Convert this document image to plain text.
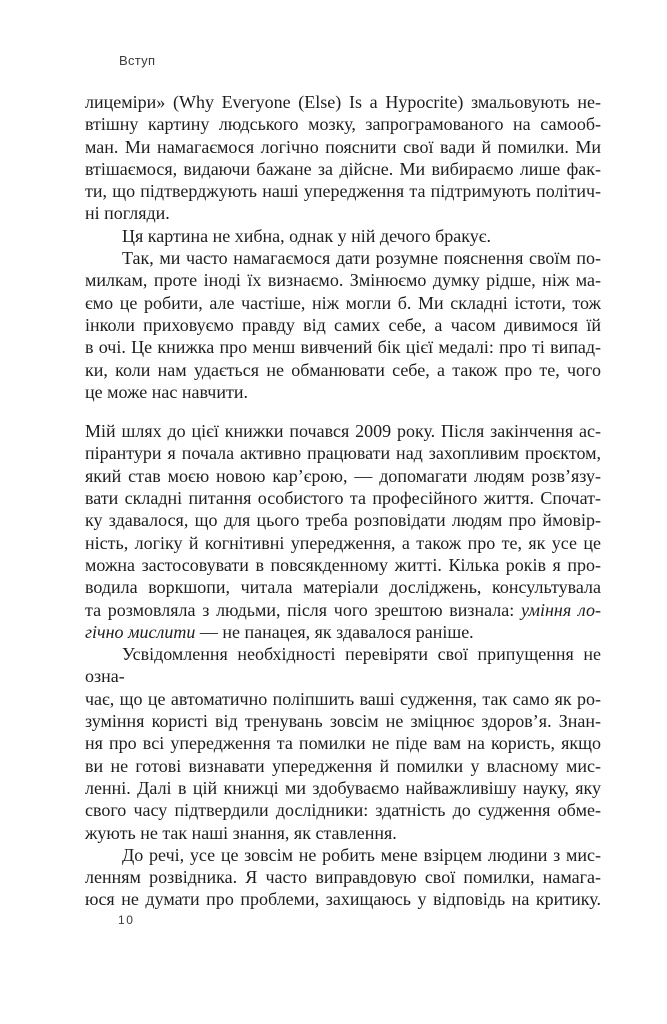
Вступ
лицеміри» (Why Everyone (Else) Is a Hypocrite) змальовують не-
втішну картину людського мозку, запрограмованого на самооб-
ман. Ми намагаємося логічно пояснити свої вади й помилки. Ми
втішаємося, видаючи бажане за дійсне. Ми вибираємо лише фак-
ти, що підтверджують наші упередження та підтримують політич-
ні погляди.
Ця картина не хибна, однак у ній дечого бракує.
Так, ми часто намагаємося дати розумне пояснення своїм по-
милкам, проте іноді їх визнаємо. Змінюємо думку рідше, ніж ма-
ємо це робити, але частіше, ніж могли б. Ми складні істоти, тож
інколи приховуємо правду від самих себе, а часом дивимося їй
в очі. Це книжка про менш вивчений бік цієї медалі: про ті випад-
ки, коли нам удається не обманювати себе, а також про те, чого
це може нас навчити.
Мій шлях до цієї книжки почався 2009 року. Після закінчення ас-
пірантури я почала активно працювати над захопливим проєктом,
який став моєю новою кар’єрою, — допомагати людям розв’язу-
вати складні питання особистого та професійного життя. Спочат-
ку здавалося, що для цього треба розповідати людям про ймовір-
ність, логіку й когнітивні упередження, а також про те, як усе це
можна застосовувати в повсякденному житті. Кілька років я про-
водила воркшопи, читала матеріали досліджень, консультувала
та розмовляла з людьми, після чого зрештою визнала: уміння ло-
гічно мислити — не панацея, як здавалося раніше.
Усвідомлення необхідності перевіряти свої припущення не озна-
чає, що це автоматично поліпшить ваші судження, так само як ро-
зуміння користі від тренувань зовсім не зміцнює здоров’я. Знан-
ня про всі упередження та помилки не піде вам на користь, якщо
ви не готові визнавати упередження й помилки у власному мис-
ленні. Далі в цій книжці ми здобуваємо найважливішу науку, яку
свого часу підтвердили дослідники: здатність до судження обме-
жують не так наші знання, як ставлення.
До речі, усе це зовсім не робить мене взірцем людини з мис-
ленням розвідника. Я часто виправдовую свої помилки, намага-
юся не думати про проблеми, захищаюсь у відповідь на критику.
10
